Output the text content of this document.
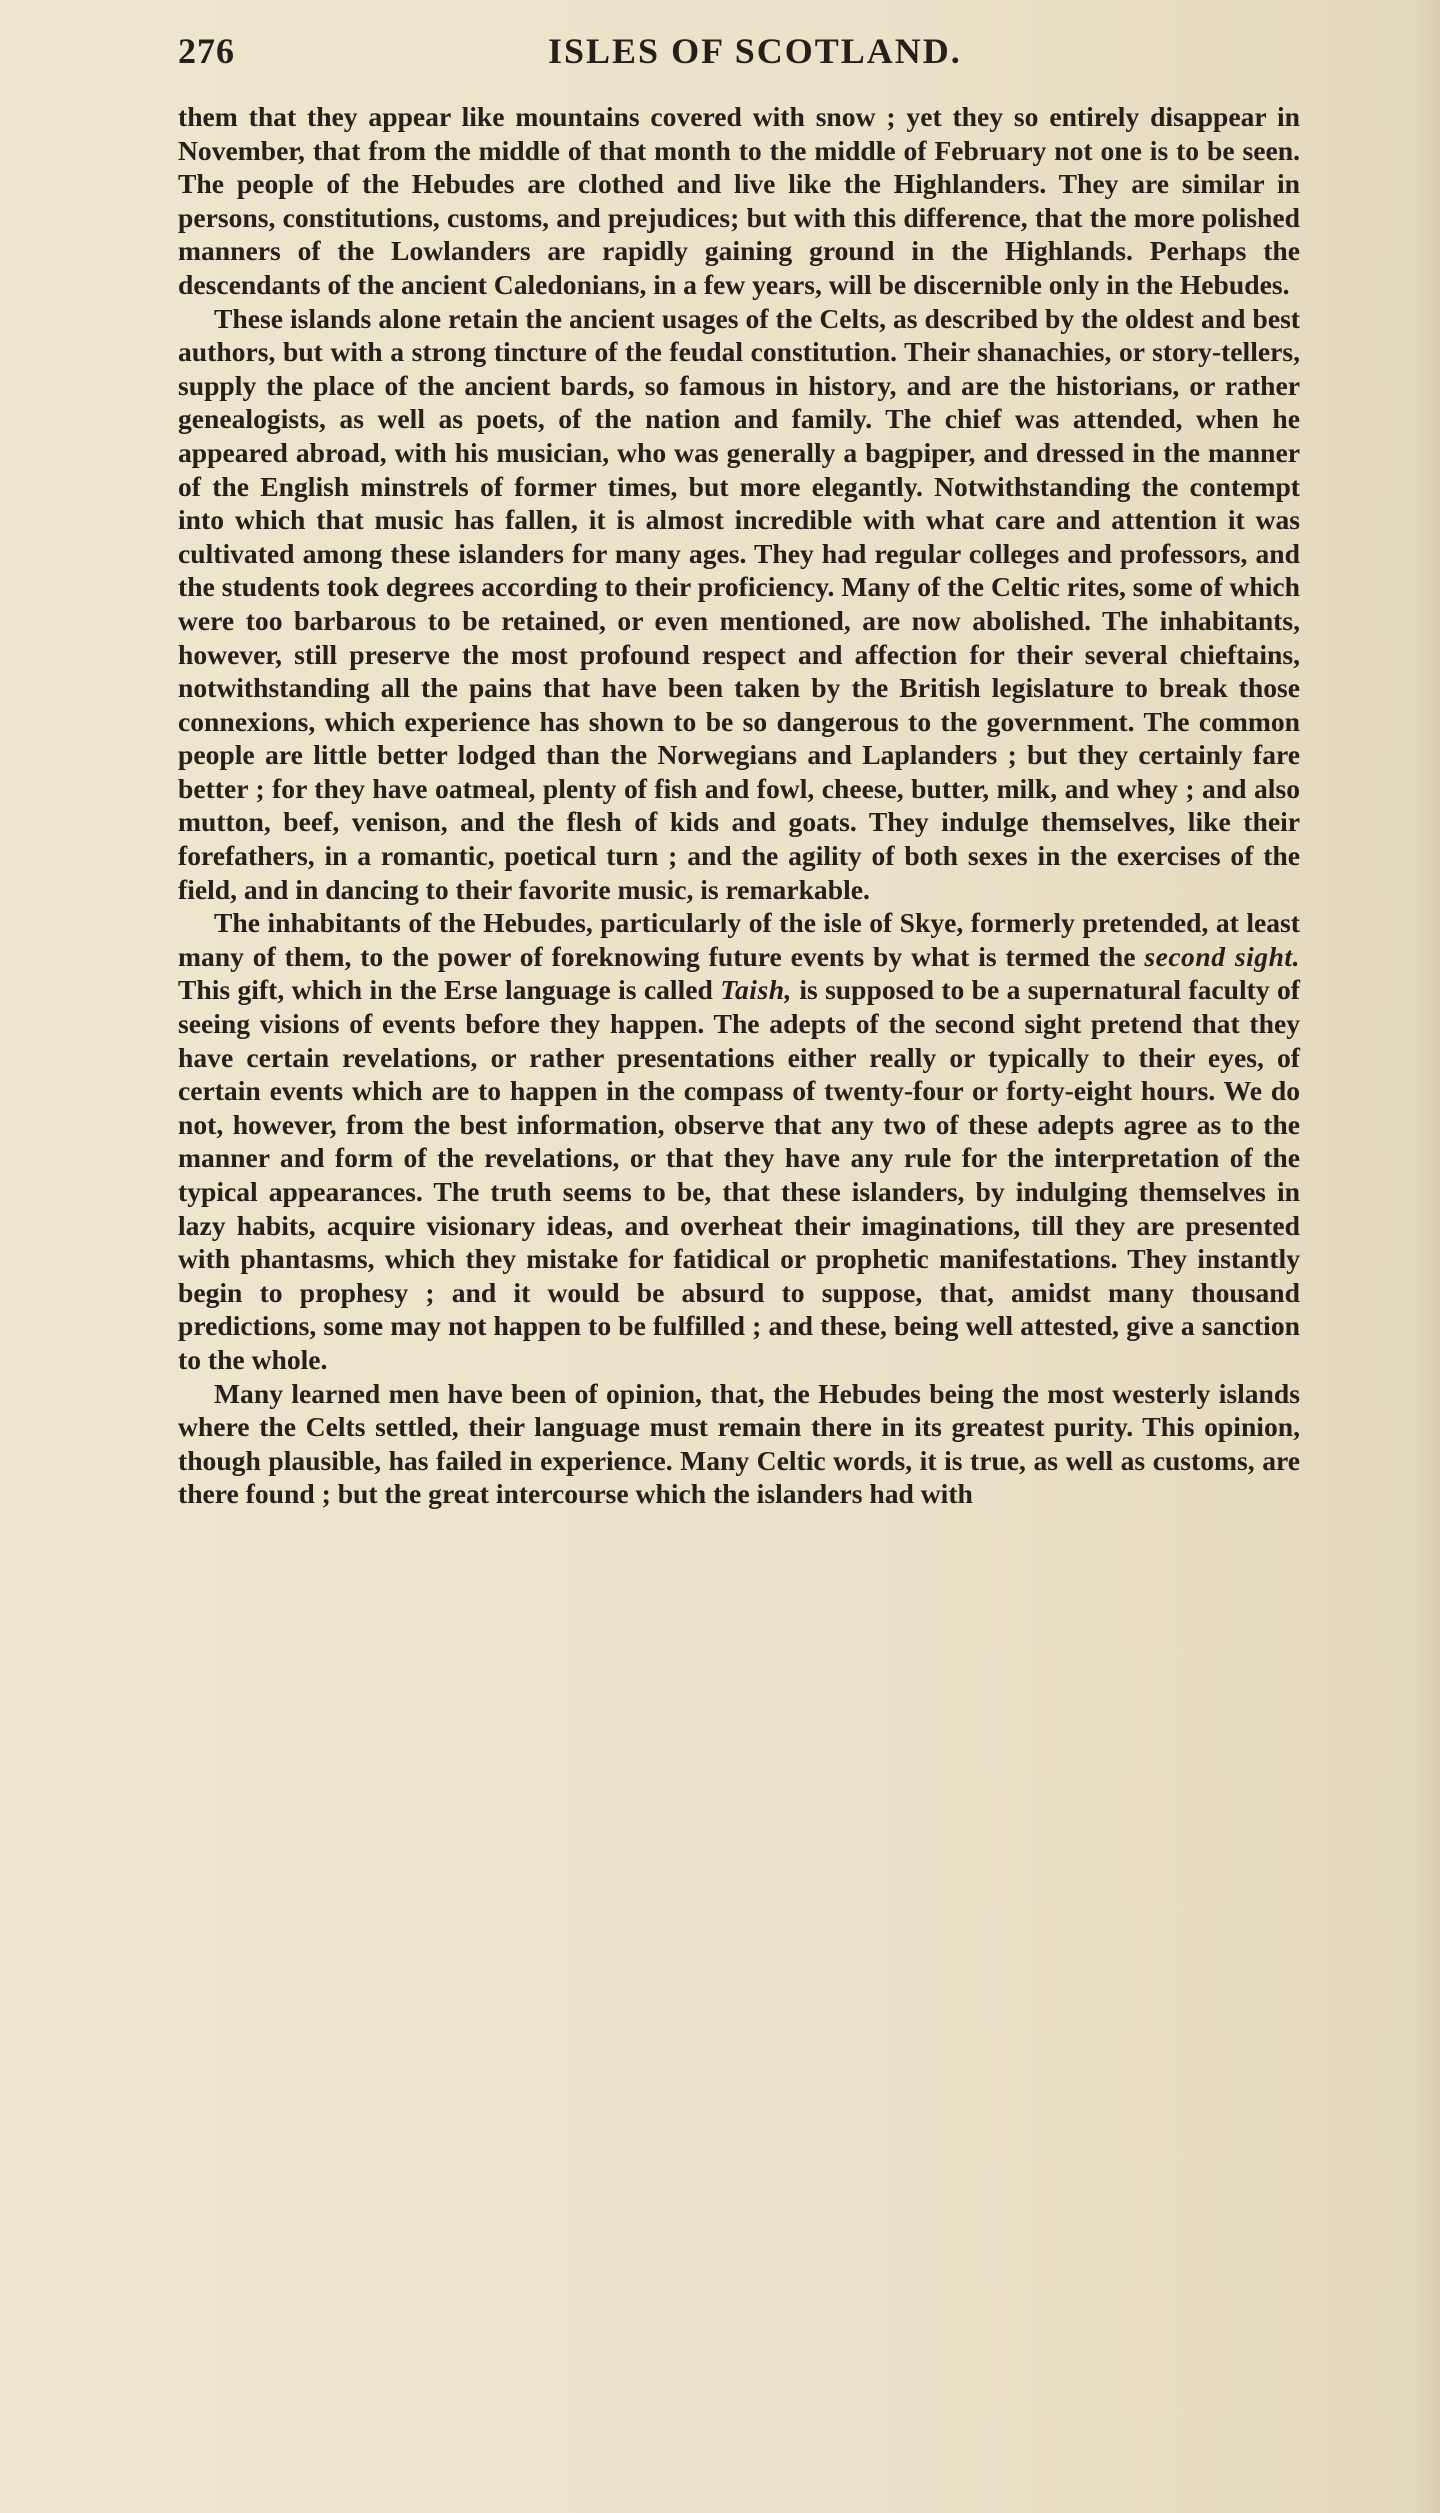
276	ISLES OF SCOTLAND.

them that they appear like mountains covered with snow ; yet they so entirely disappear in November, that from the middle of that month to the middle of February not one is to be seen. The people of the Hebudes are clothed and live like the Highlanders. They are similar in persons, constitutions, customs, and prejudices; but with this difference, that the more polished manners of the Lowlanders are rapidly gaining ground in the Highlands. Perhaps the descendants of the ancient Caledonians, in a few years, will be discernible only in the Hebudes.

These islands alone retain the ancient usages of the Celts, as described by the oldest and best authors, but with a strong tincture of the feudal constitution. Their shanachies, or story-tellers, supply the place of the ancient bards, so famous in history, and are the historians, or rather genealogists, as well as poets, of the nation and family. The chief was attended, when he appeared abroad, with his musician, who was generally a bagpiper, and dressed in the manner of the English minstrels of former times, but more elegantly. Notwithstanding the contempt into which that music has fallen, it is almost incredible with what care and attention it was cultivated among these islanders for many ages. They had regular colleges and professors, and the students took degrees according to their proficiency. Many of the Celtic rites, some of which were too barbarous to be retained, or even mentioned, are now abolished. The inhabitants, however, still preserve the most profound respect and affection for their several chieftains, notwithstanding all the pains that have been taken by the British legislature to break those connexions, which experience has shown to be so dangerous to the government. The common people are little better lodged than the Norwegians and Laplanders ; but they certainly fare better ; for they have oatmeal, plenty of fish and fowl, cheese, butter, milk, and whey ; and also mutton, beef, venison, and the flesh of kids and goats. They indulge themselves, like their forefathers, in a romantic, poetical turn ; and the agility of both sexes in the exercises of the field, and in dancing to their favorite music, is remarkable.

The inhabitants of the Hebudes, particularly of the isle of Skye, formerly pretended, at least many of them, to the power of foreknowing future events by what is termed the second sight. This gift, which in the Erse language is called Taish, is supposed to be a supernatural faculty of seeing visions of events before they happen. The adepts of the second sight pretend that they have certain revelations, or rather presentations either really or typically to their eyes, of certain events which are to happen in the compass of twenty-four or forty-eight hours. We do not, however, from the best information, observe that any two of these adepts agree as to the manner and form of the revelations, or that they have any rule for the interpretation of the typical appearances. The truth seems to be, that these islanders, by indulging themselves in lazy habits, acquire visionary ideas, and overheat their imaginations, till they are presented with phantasms, which they mistake for fatidical or prophetic manifestations. They instantly begin to prophesy ; and it would be absurd to suppose, that, amidst many thousand predictions, some may not happen to be fulfilled ; and these, being well attested, give a sanction to the whole.

Many learned men have been of opinion, that, the Hebudes being the most westerly islands where the Celts settled, their language must remain there in its greatest purity. This opinion, though plausible, has failed in experience. Many Celtic words, it is true, as well as customs, are there found ; but the great intercourse which the islanders had with
